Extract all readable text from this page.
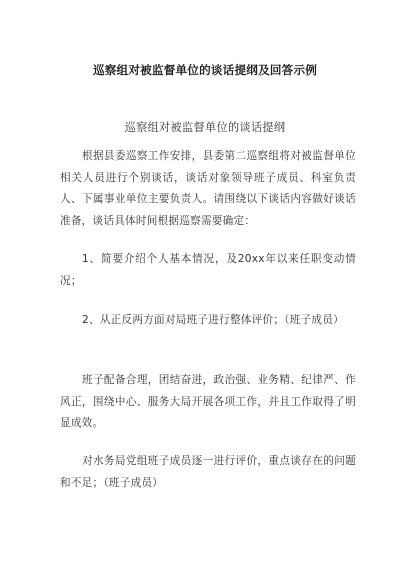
巡察组对被监督单位的谈话提纲及回答示例
巡察组对被监督单位的谈话提纲
根据县委巡察工作安排，县委第二巡察组将对被监督单位相关人员进行个别谈话，谈话对象领导班子成员、科室负责人、下属事业单位主要负责人。请围绕以下谈话内容做好谈话准备，谈话具体时间根据巡察需要确定：
1、简要介绍个人基本情况，及20xx年以来任职变动情况；
2、从正反两方面对局班子进行整体评价；（班子成员）
班子配备合理，团结奋进，政治强、业务精、纪律严、作风正，围绕中心、服务大局开展各项工作，并且工作取得了明显成效。
对水务局党组班子成员逐一进行评价，重点谈存在的问题和不足；（班子成员）
